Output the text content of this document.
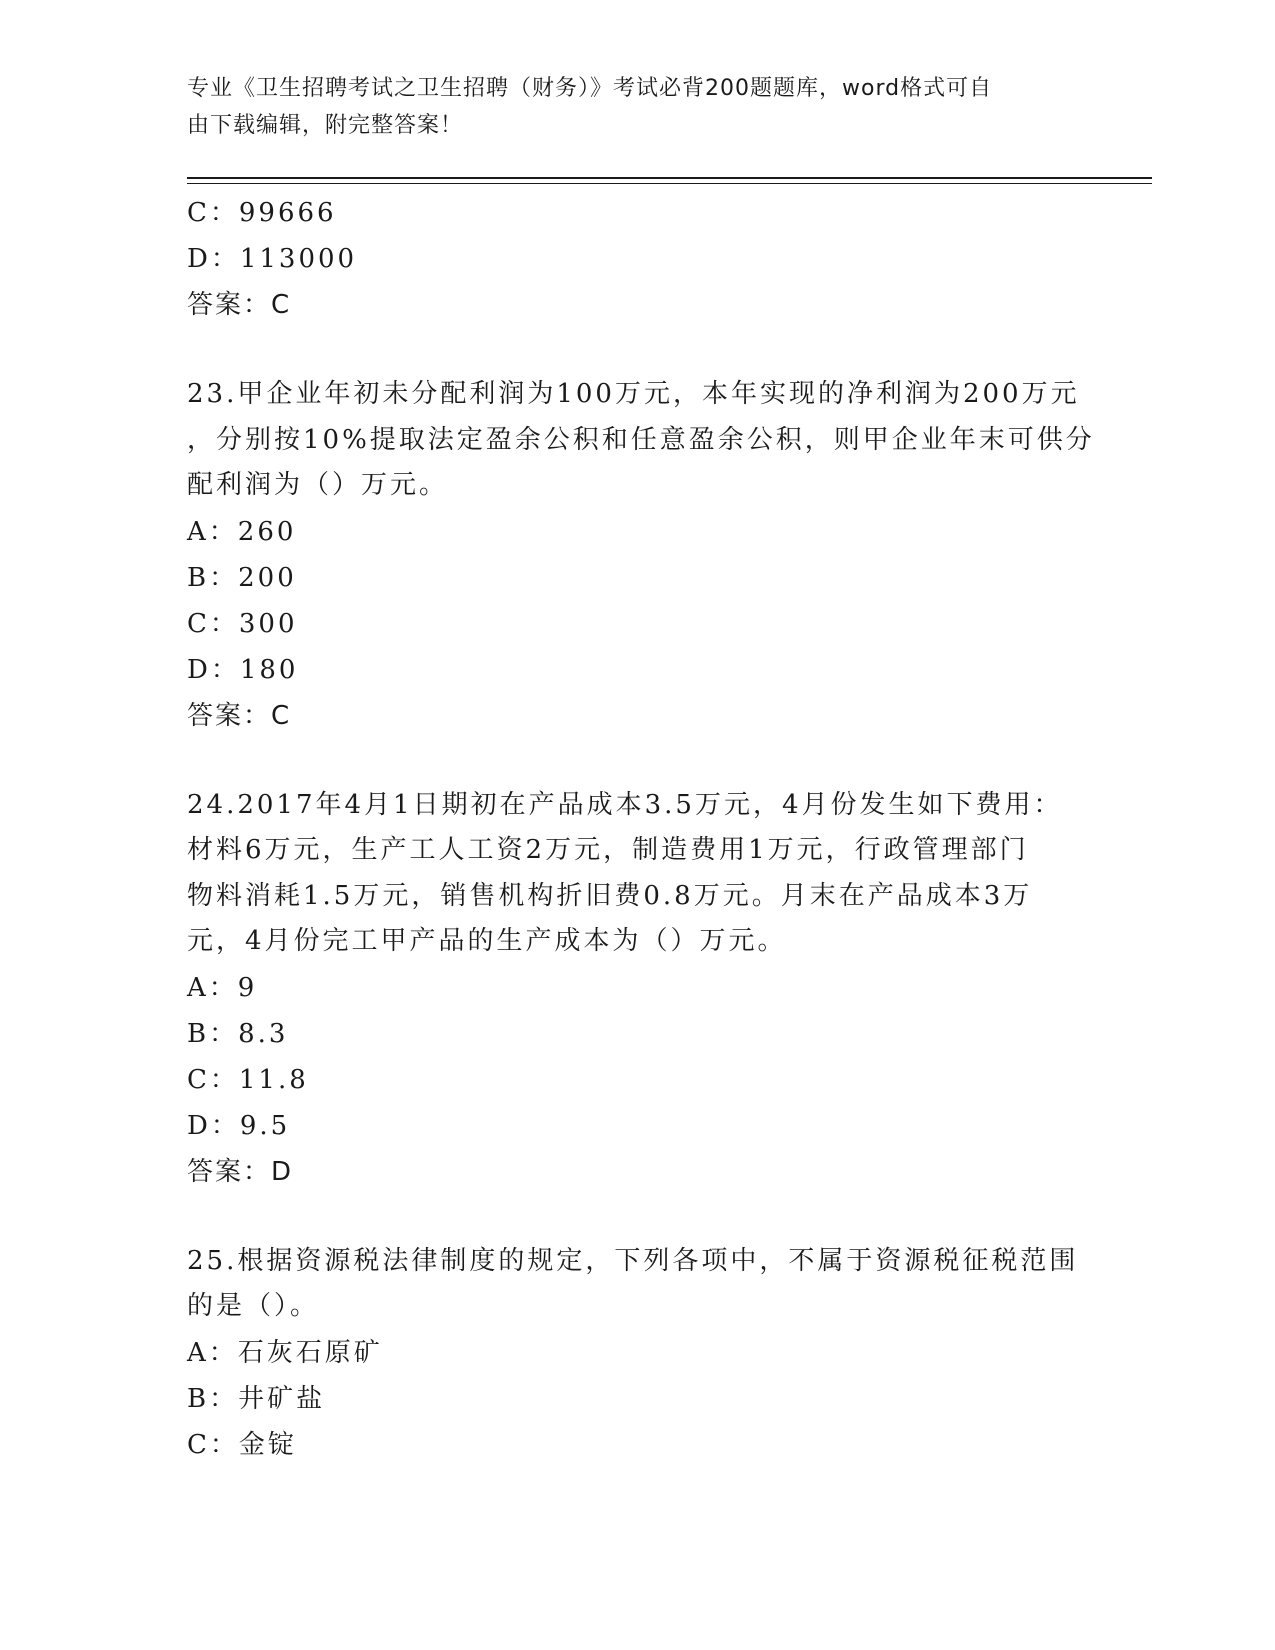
专业《卫生招聘考试之卫生招聘（财务）》考试必背200题题库，word格式可自
由下载编辑，附完整答案！
C：99666
D：113000
答案：C
23.甲企业年初未分配利润为100万元，本年实现的净利润为200万元
，分别按10%提取法定盈余公积和任意盈余公积，则甲企业年末可供分
配利润为（）万元。
A：260
B：200
C：300
D：180
答案：C
24.2017年4月1日期初在产品成本3.5万元，4月份发生如下费用：
材料6万元，生产工人工资2万元，制造费用1万元，行政管理部门
物料消耗1.5万元，销售机构折旧费0.8万元。月末在产品成本3万
元，4月份完工甲产品的生产成本为（）万元。
A：9
B：8.3
C：11.8
D：9.5
答案：D
25.根据资源税法律制度的规定，下列各项中，不属于资源税征税范围
的是（）。
A：石灰石原矿
B：井矿盐
C：金锭
